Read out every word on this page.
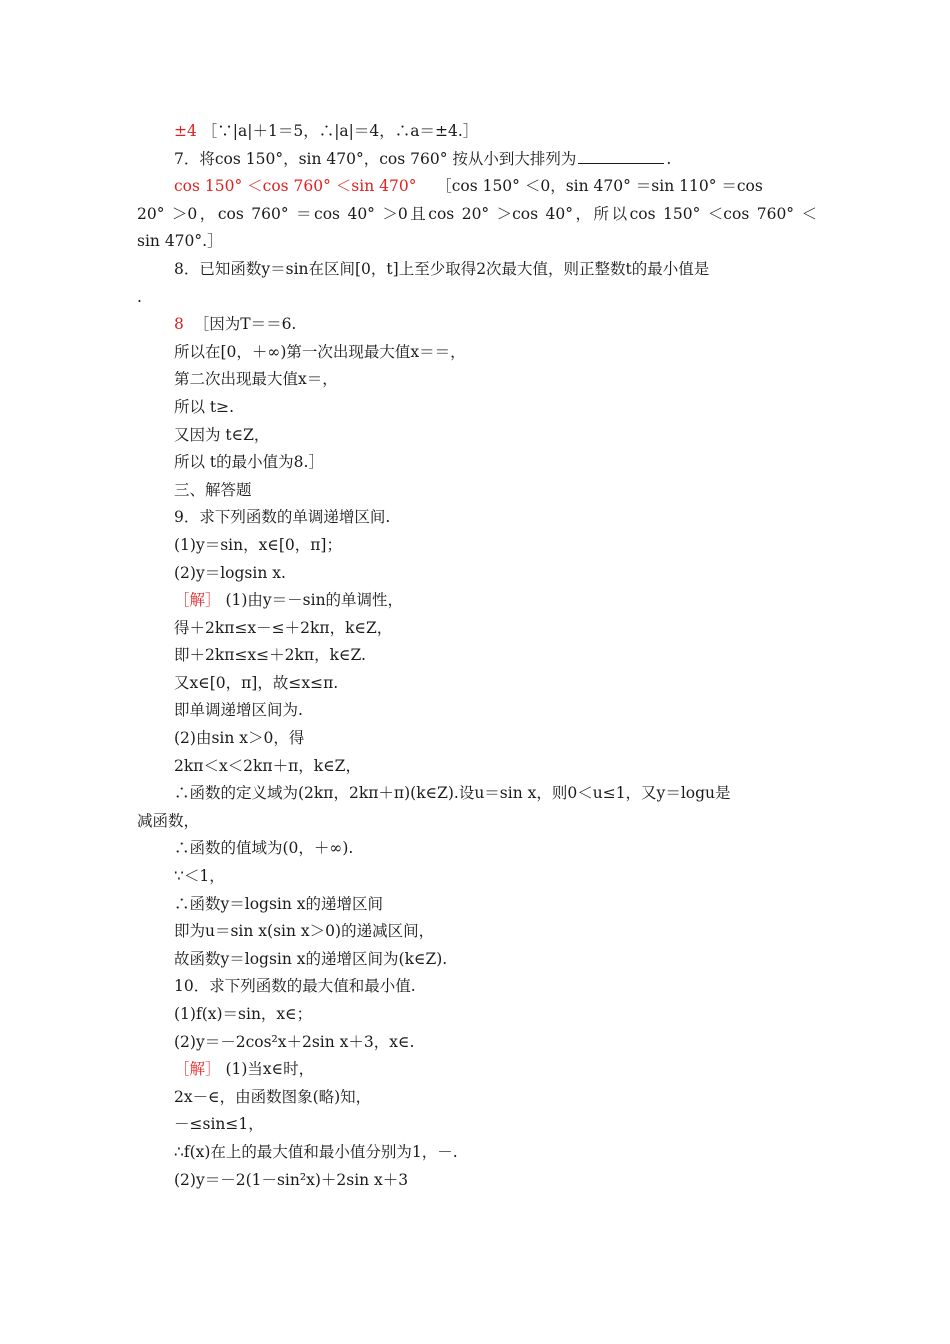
±4 ［∵|a|＋1＝5，∴|a|＝4，∴a＝±4.］
7．将cos 150°，sin 470°，cos 760° 按从小到大排列为	.
cos 150° ＜cos 760° ＜sin 470° ［cos 150° ＜0，sin 470° ＝sin 110° ＝cos
20° ＞0，cos 760° ＝cos 40° ＞0且cos 20° ＞cos 40°，所以cos 150° ＜cos 760° ＜
sin 470°.］
8．已知函数y＝sin在区间[0，t]上至少取得2次最大值，则正整数t的最小值是
.
8 ［因为T＝＝6.
所以在[0，＋∞)第一次出现最大值x＝＝，
第二次出现最大值x＝，
所以 t≥.
又因为 t∈Z，
所以 t的最小值为8.］
三、解答题
9．求下列函数的单调递增区间.
(1)y＝sin，x∈[0，π]；
(2)y＝logsin x.
［解］ (1)由y＝－sin的单调性，
得＋2kπ≤x－≤＋2kπ，k∈Z，
即＋2kπ≤x≤＋2kπ，k∈Z.
又x∈[0，π]，故≤x≤π.
即单调递增区间为.
(2)由sin x＞0，得
2kπ＜x＜2kπ＋π，k∈Z，
∴函数的定义域为(2kπ，2kπ＋π)(k∈Z).设u＝sin x，则0＜u≤1，又y＝logu是
减函数，
∴函数的值域为(0，＋∞).
∵＜1，
∴函数y＝logsin x的递增区间
即为u＝sin x(sin x＞0)的递减区间，
故函数y＝logsin x的递增区间为(k∈Z).
10．求下列函数的最大值和最小值.
(1)f(x)＝sin，x∈；
(2)y＝－2cos²x＋2sin x＋3，x∈.
［解］ (1)当x∈时，
2x－∈，由函数图象(略)知，
－≤sin≤1，
∴f(x)在上的最大值和最小值分别为1，－.
(2)y＝－2(1－sin²x)＋2sin x＋3
